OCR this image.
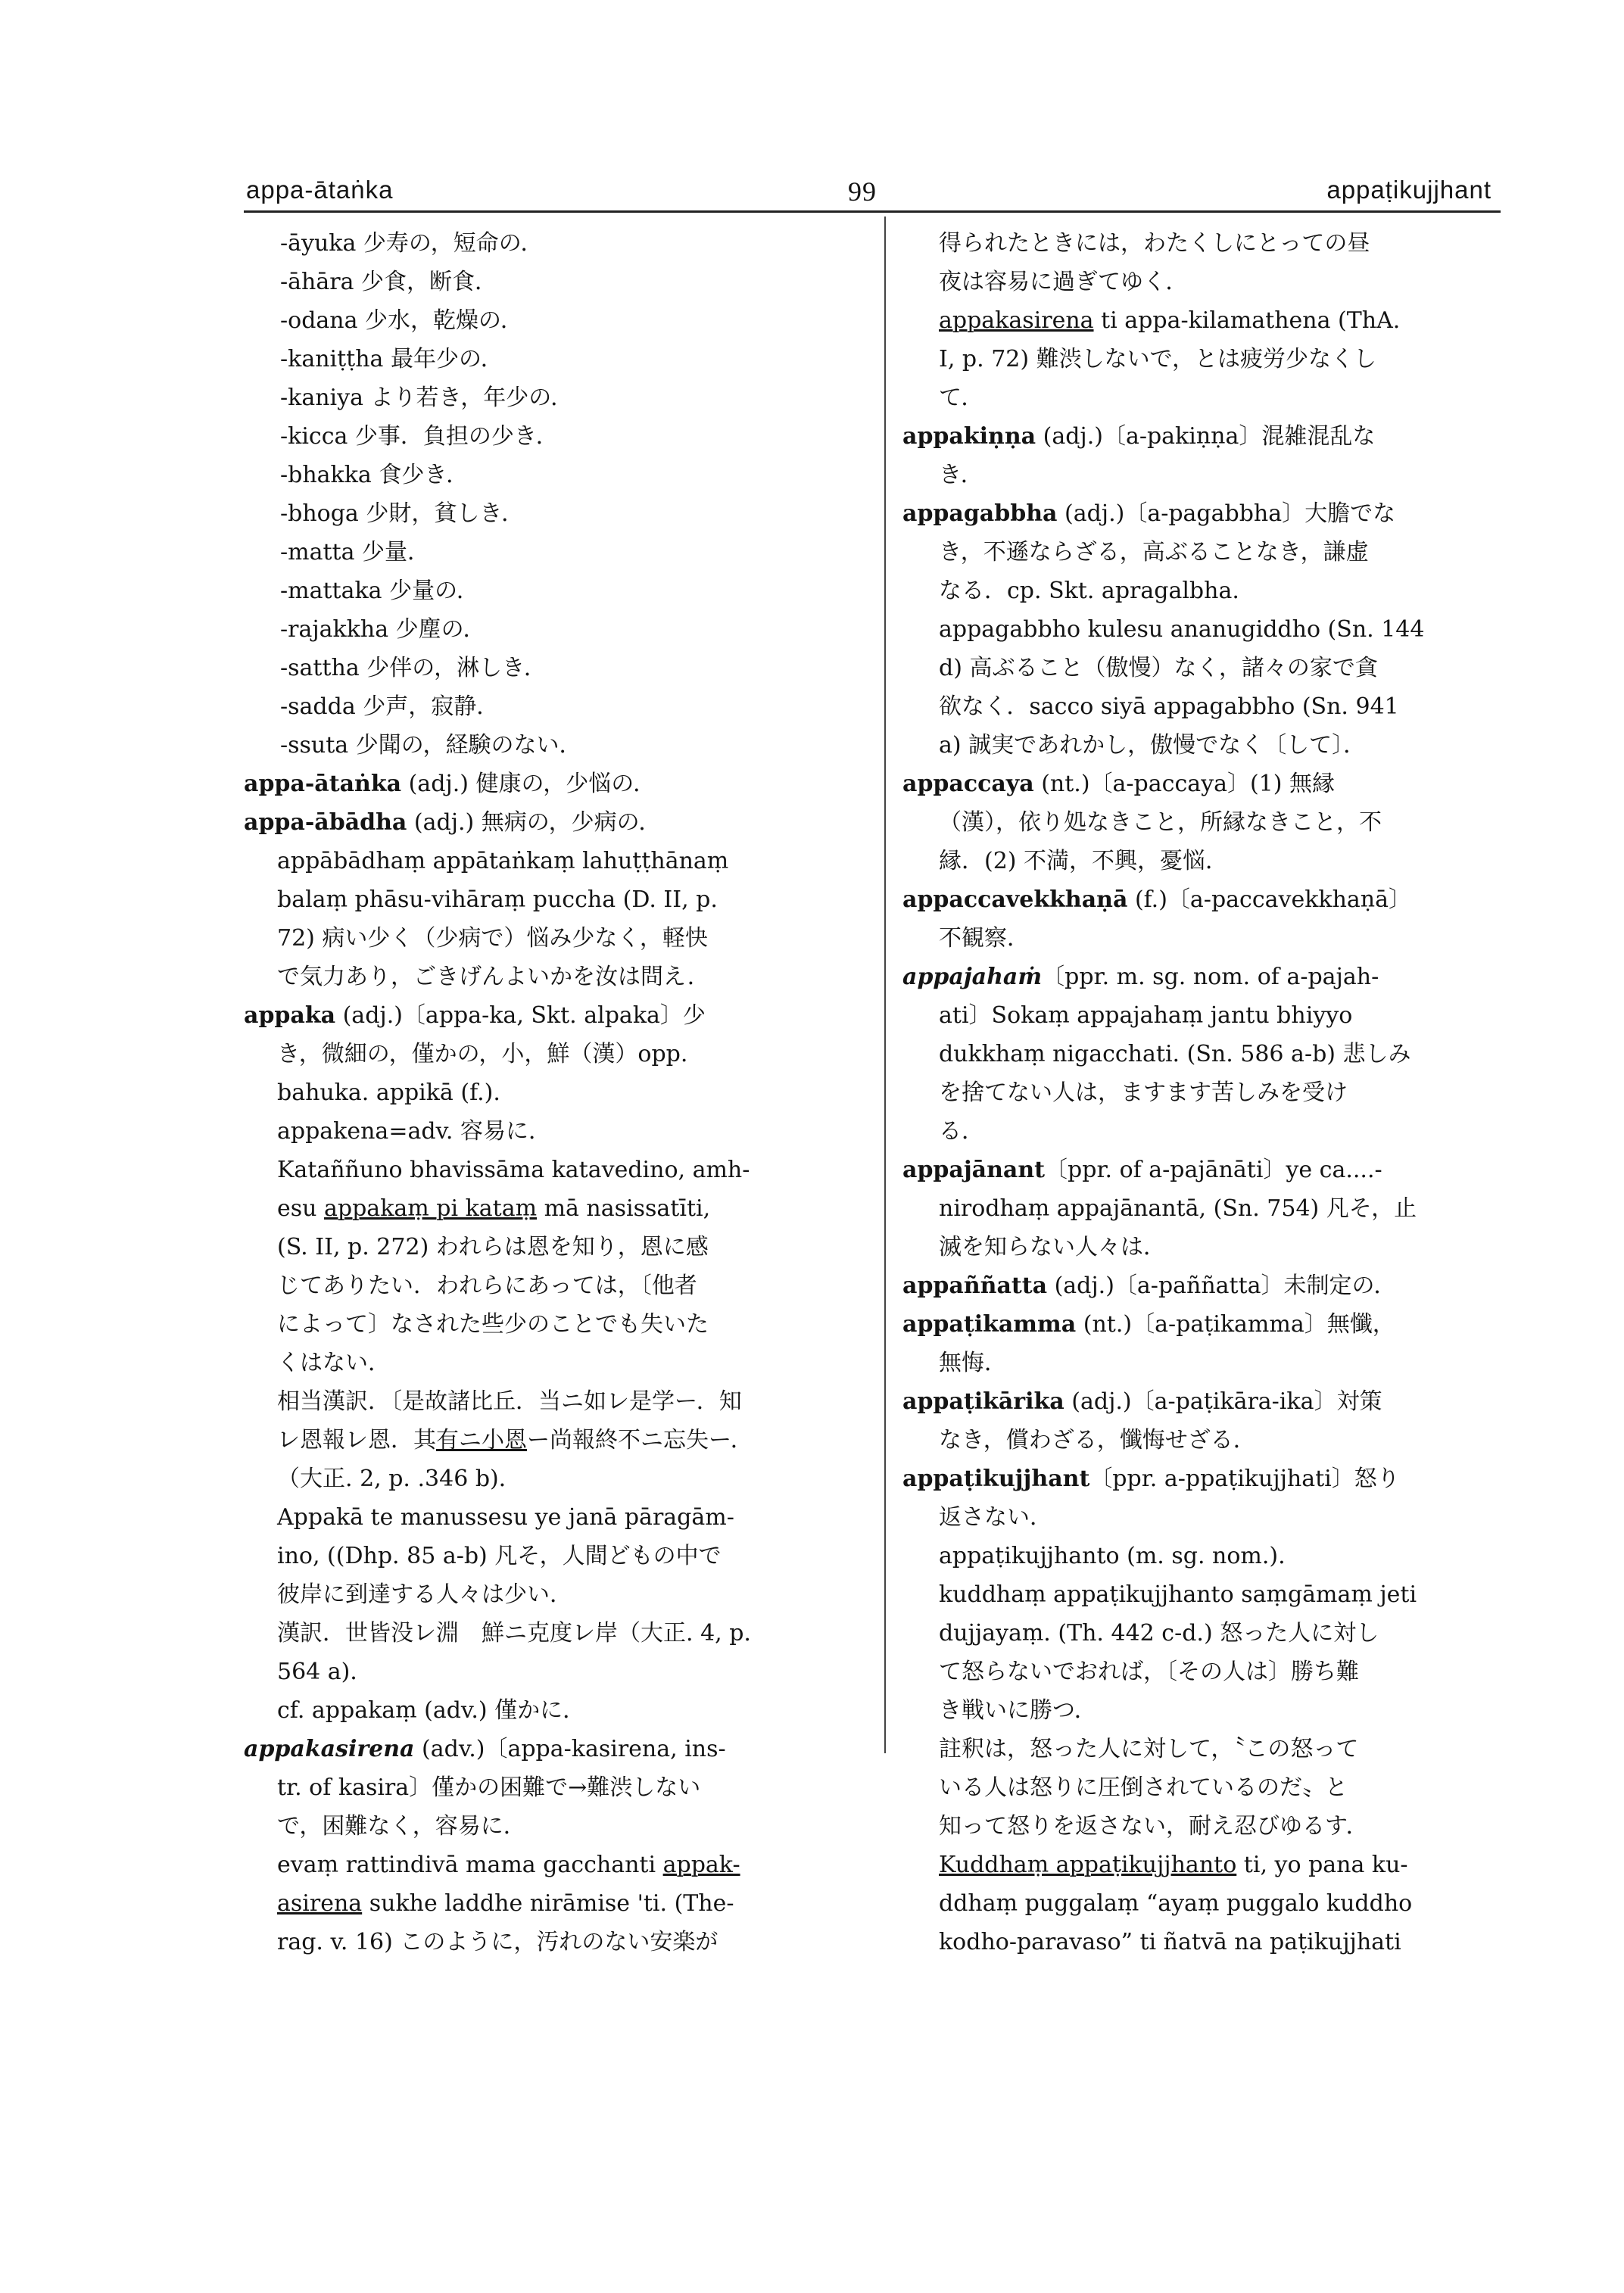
appa-ātaṅka	99	appaṭikujjhant
-āyuka 少寿の，短命の．
-āhāra 少食，断食．
-odana 少水，乾燥の．
-kaniṭṭha 最年少の．
-kaniya より若き，年少の．
-kicca 少事．負担の少き．
-bhakka 食少き．
-bhoga 少財，貧しき．
-matta 少量．
-mattaka 少量の．
-rajakkha 少塵の．
-sattha 少伴の，淋しき．
-sadda 少声，寂静．
-ssuta 少聞の，経験のない．
appa-ātaṅka (adj.) 健康の，少悩の．
appa-ābādha (adj.) 無病の，少病の．
appābādhaṃ appātaṅkaṃ lahuṭṭhānaṃ
balaṃ phāsu-vihāraṃ puccha (D. II, p.
72) 病い少く（少病で）悩み少なく，軽快
で気力あり，ごきげんよいかを汝は問え．
appaka (adj.)〔appa-ka, Skt. alpaka〕少
き，微細の，僅かの，小，鮮（漢）opp.
bahuka. appikā (f.).
appakena=adv. 容易に．
Kataññuno bhavissāma katavedino, amh-
esu appakaṃ pi kataṃ mā nasissatīti,
(S. II, p. 272) われらは恩を知り，恩に感
じてありたい．われらにあっては，〔他者
によって〕なされた些少のことでも失いた
くはない．
相当漢訳．〔是故諸比丘．当ニ如レ是学ー．知
レ恩報レ恩．其有ニ小恩ー尚報終不ニ忘失ー．
（大正. 2, p. .346 b)．
Appakā te manussesu ye janā pāragām-
ino, ((Dhp. 85 a-b) 凡そ，人間どもの中で
彼岸に到達する人々は少い．
漢訳．世皆没レ淵　鮮ニ克度レ岸（大正. 4, p.
564 a)．
cf. appakaṃ (adv.) 僅かに．
appakasirena (adv.)〔appa-kasirena, ins-
tr. of kasira〕僅かの困難で→難渋しない
で，困難なく，容易に．
evaṃ rattindivā mama gacchanti appak-
asirena sukhe laddhe nirāmise 'ti. (The-
rag. v. 16) このように，汚れのない安楽が
得られたときには，わたくしにとっての昼
夜は容易に過ぎてゆく．
appakasirena ti appa-kilamathena (ThA.
I, p. 72) 難渋しないで，とは疲労少なくし
て．
appakiṇṇa (adj.)〔a-pakiṇṇa〕混雑混乱な
き．
appagabbha (adj.)〔a-pagabbha〕大膽でな
き，不遜ならざる，高ぶることなき，謙虚
なる．cp. Skt. apragalbha.
appagabbho kulesu ananugiddho (Sn. 144
d) 高ぶること（傲慢）なく，諸々の家で貪
欲なく．sacco siyā appagabbho (Sn. 941
a) 誠実であれかし，傲慢でなく〔して〕．
appaccaya (nt.)〔a-paccaya〕(1) 無縁
（漢），依り処なきこと，所縁なきこと，不
縁．(2) 不満，不興，憂悩．
appaccavekkhaṇā (f.)〔a-paccavekkhaṇā〕
不観察．
appajahaṁ〔ppr. m. sg. nom. of a-pajah-
ati〕Sokaṃ appajahaṃ jantu bhiyyo
dukkhaṃ nigacchati. (Sn. 586 a-b) 悲しみ
を捨てない人は，ますます苦しみを受け
る．
appajānant〔ppr. of a-pajānāti〕ye ca....-
nirodhaṃ appajānantā, (Sn. 754) 凡そ，止
滅を知らない人々は．
appaññatta (adj.)〔a-paññatta〕未制定の．
appaṭikamma (nt.)〔a-paṭikamma〕無懺，
無悔．
appaṭikārika (adj.)〔a-paṭikāra-ika〕対策
なき，償わざる，懺悔せざる．
appaṭikujjhant〔ppr. a-ppaṭikujjhati〕怒り
返さない．
appaṭikujjhanto (m. sg. nom.).
kuddhaṃ appaṭikujjhanto saṃgāmaṃ jeti
dujjayaṃ. (Th. 442 c-d.) 怒った人に対し
て怒らないでおれば，〔その人は〕勝ち難
き戦いに勝つ．
註釈は，怒った人に対して，〝この怒って
いる人は怒りに圧倒されているのだ〟と
知って怒りを返さない，耐え忍びゆるす．
Kuddhaṃ appaṭikujjhanto ti, yo pana ku-
ddhaṃ puggalaṃ “ayaṃ puggalo kuddho
kodho-paravaso” ti ñatvā na paṭikujjhati
